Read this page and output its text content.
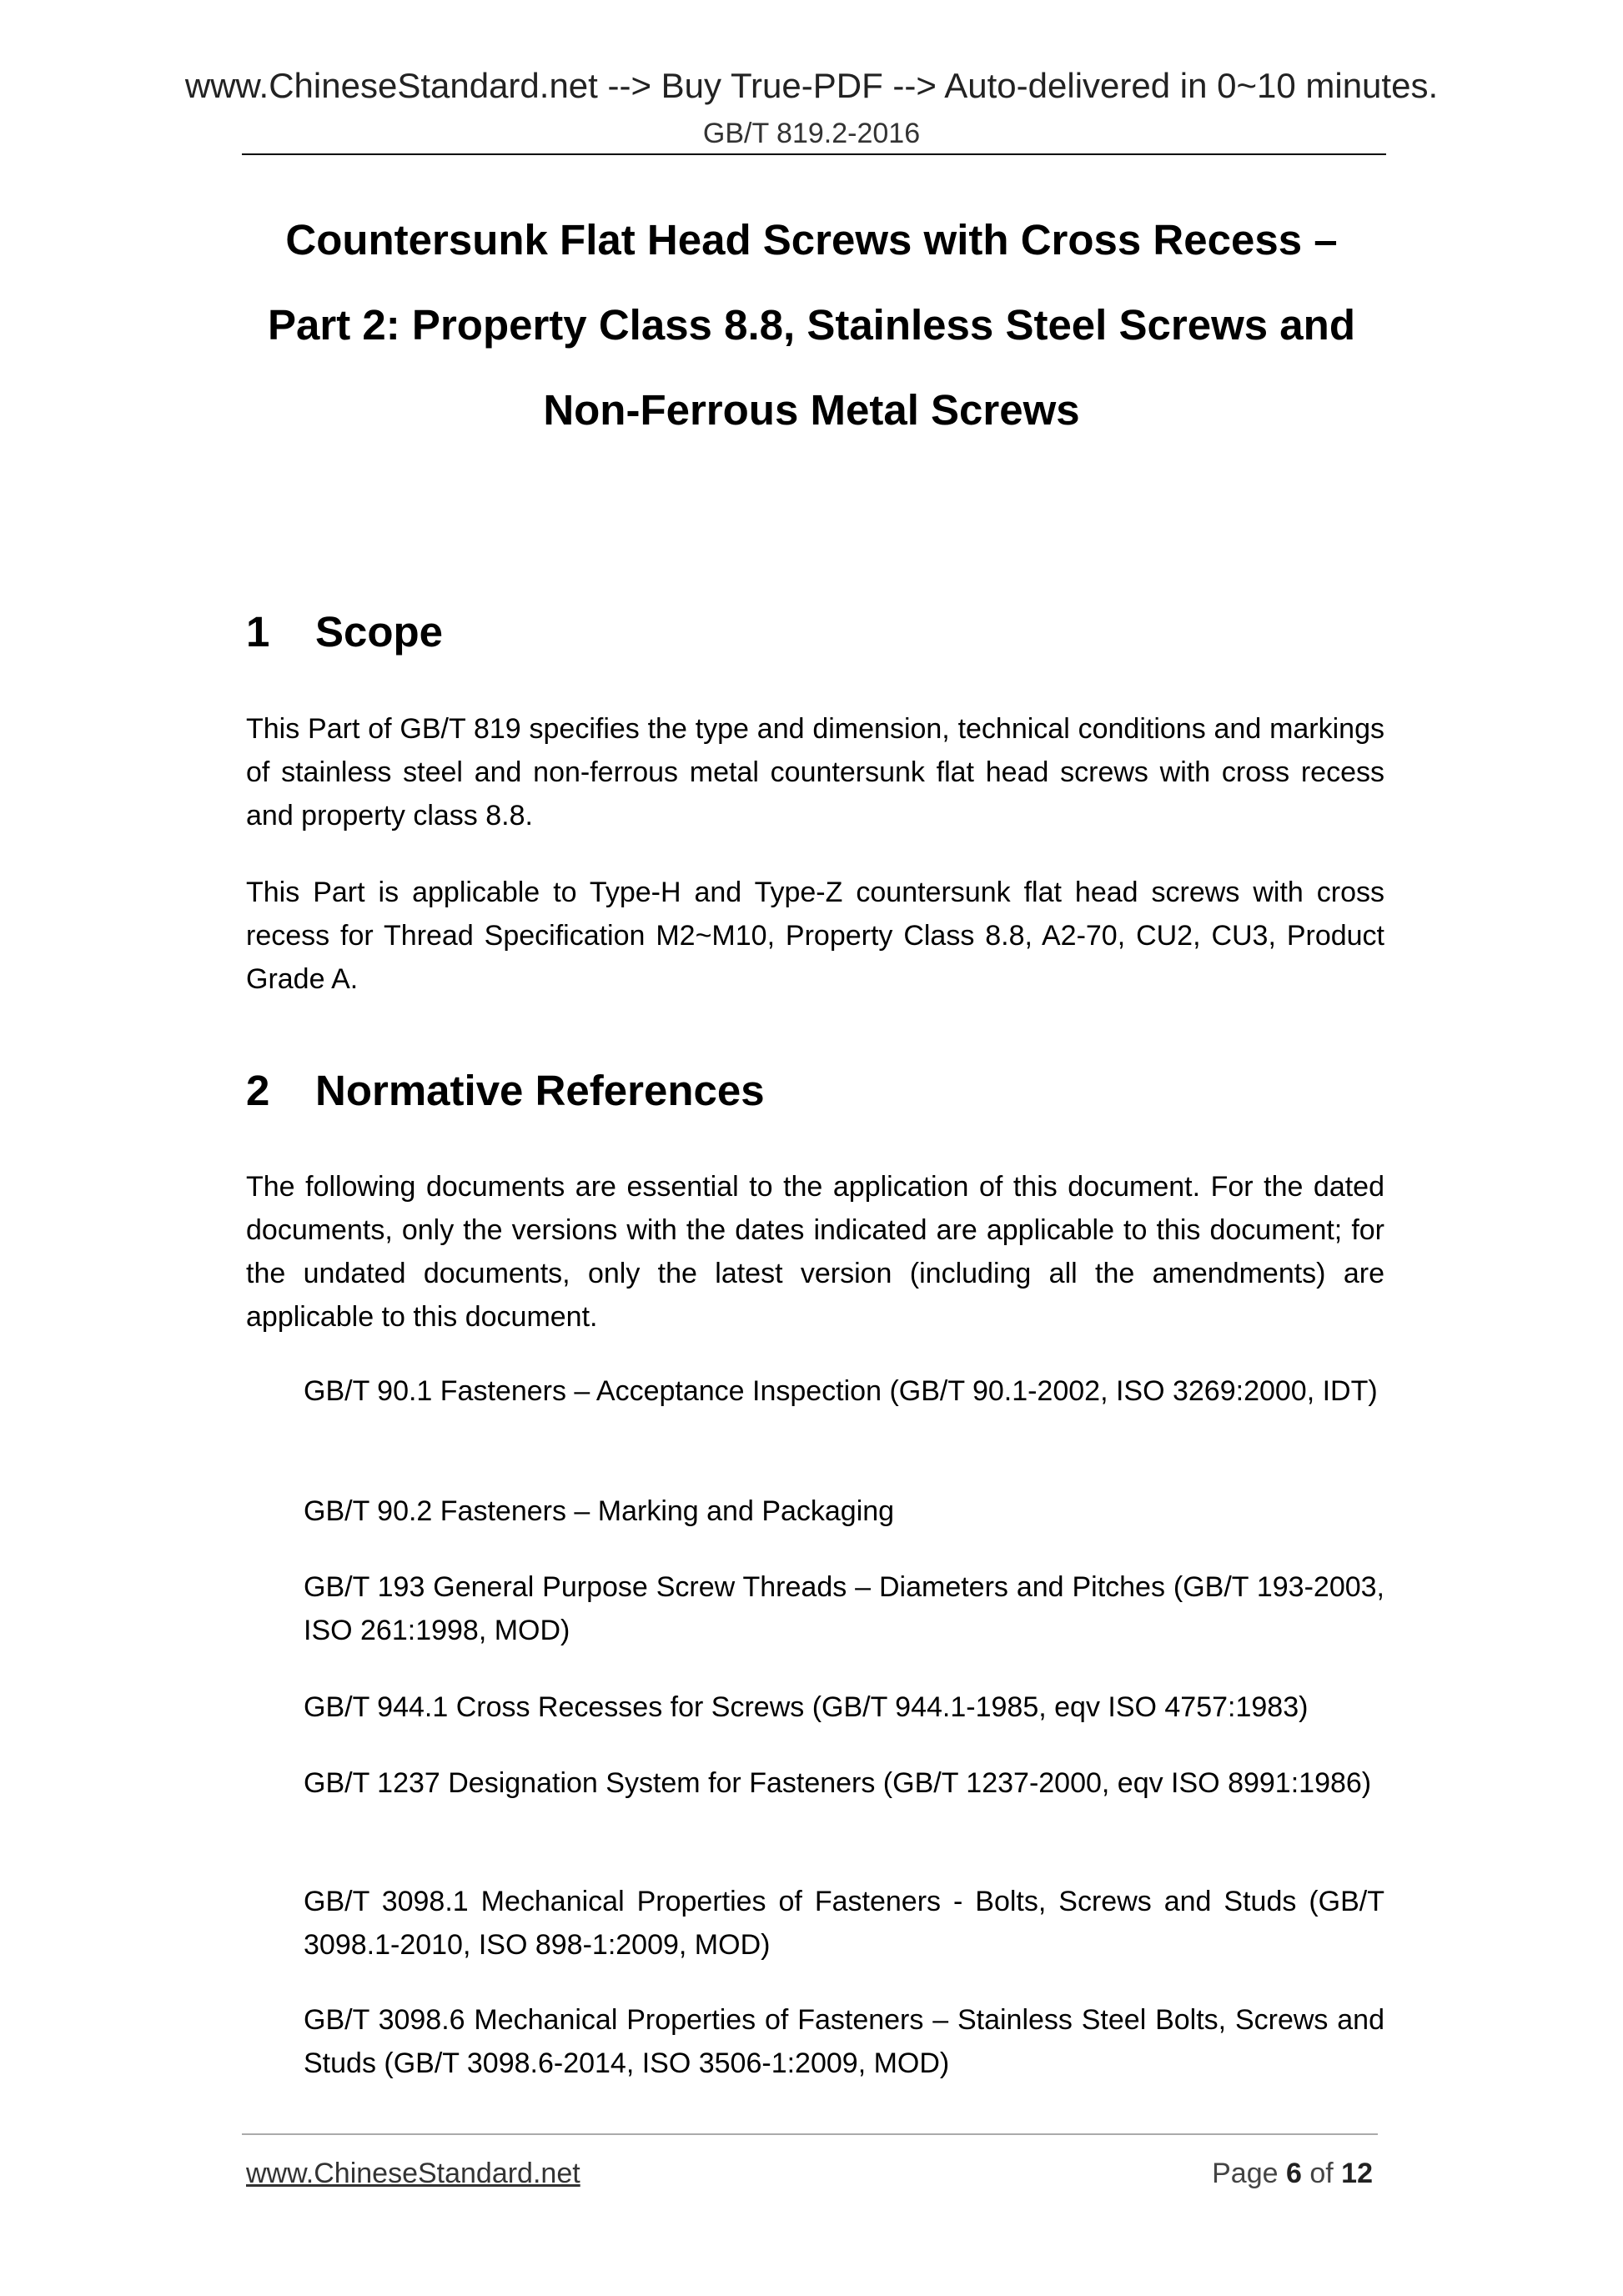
www.ChineseStandard.net --> Buy True-PDF --> Auto-delivered in 0~10 minutes.
GB/T 819.2-2016
Countersunk Flat Head Screws with Cross Recess –
Part 2: Property Class 8.8, Stainless Steel Screws and
Non-Ferrous Metal Screws
1 Scope

This Part of GB/T 819 specifies the type and dimension, technical conditions and markings of stainless steel and non-ferrous metal countersunk flat head screws with cross recess and property class 8.8.

This Part is applicable to Type-H and Type-Z countersunk flat head screws with cross recess for Thread Specification M2~M10, Property Class 8.8, A2-70, CU2, CU3, Product Grade A.

2 Normative References

The following documents are essential to the application of this document. For the dated documents, only the versions with the dates indicated are applicable to this document; for the undated documents, only the latest version (including all the amendments) are applicable to this document.

GB/T 90.1 Fasteners – Acceptance Inspection (GB/T 90.1-2002, ISO 3269:2000, IDT)

GB/T 90.2 Fasteners – Marking and Packaging

GB/T 193 General Purpose Screw Threads – Diameters and Pitches (GB/T 193-2003, ISO 261:1998, MOD)

GB/T 944.1 Cross Recesses for Screws (GB/T 944.1-1985, eqv ISO 4757:1983)

GB/T 1237 Designation System for Fasteners (GB/T 1237-2000, eqv ISO 8991:1986)

GB/T 3098.1 Mechanical Properties of Fasteners - Bolts, Screws and Studs (GB/T 3098.1-2010, ISO 898-1:2009, MOD)

GB/T 3098.6 Mechanical Properties of Fasteners – Stainless Steel Bolts, Screws and Studs (GB/T 3098.6-2014, ISO 3506-1:2009, MOD)

www.ChineseStandard.net	Page 6 of 12
